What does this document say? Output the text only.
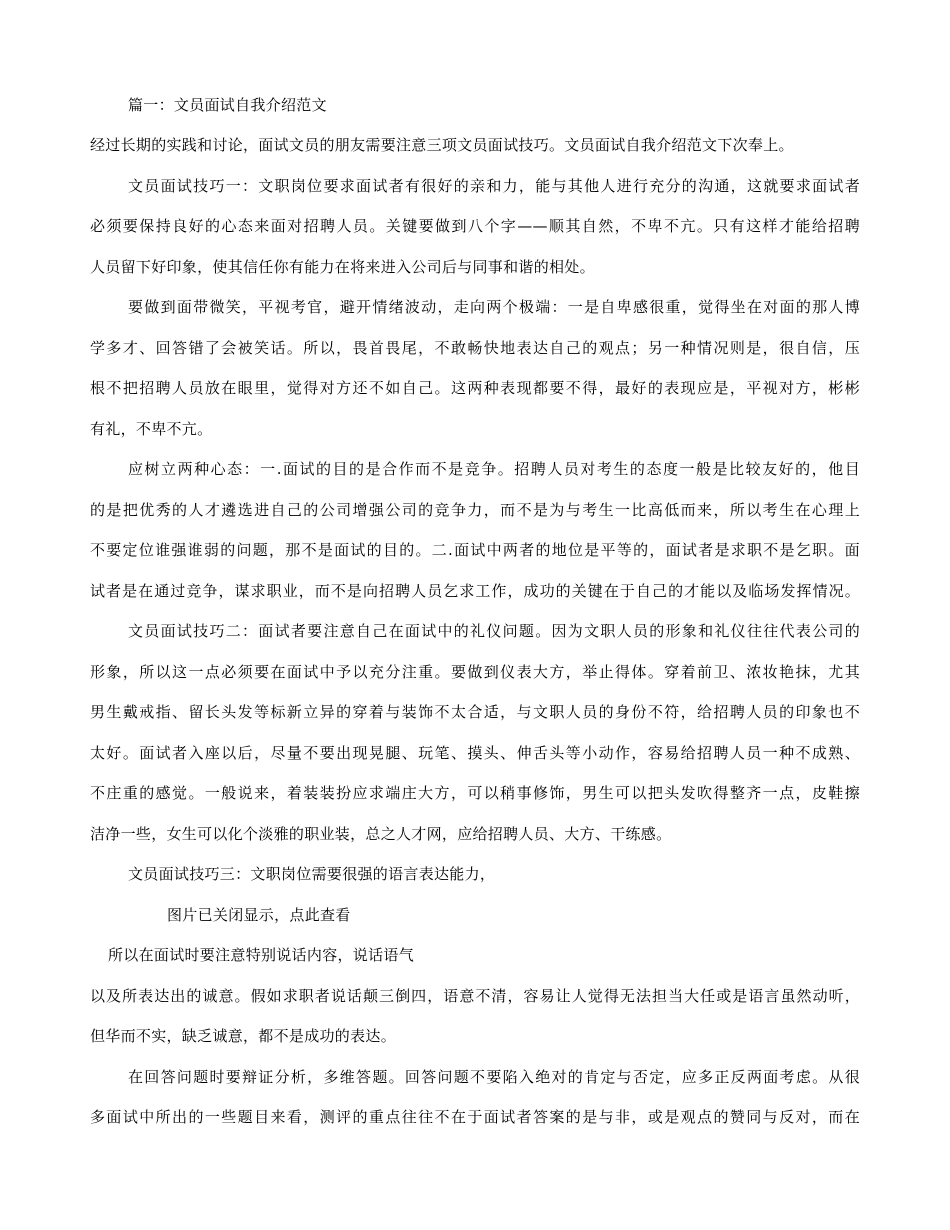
篇一：文员面试自我介绍范文

经过长期的实践和讨论，面试文员的朋友需要注意三项文员面试技巧。文员面试自我介绍范文下次奉上。

文员面试技巧一：文职岗位要求面试者有很好的亲和力，能与其他人进行充分的沟通，这就要求面试者

必须要保持良好的心态来面对招聘人员。关键要做到八个字——顺其自然，不卑不亢。只有这样才能给招聘

人员留下好印象，使其信任你有能力在将来进入公司后与同事和谐的相处。

要做到面带微笑，平视考官，避开情绪波动，走向两个极端：一是自卑感很重，觉得坐在对面的那人博

学多才、回答错了会被笑话。所以，畏首畏尾，不敢畅快地表达自己的观点；另一种情况则是，很自信，压

根不把招聘人员放在眼里，觉得对方还不如自己。这两种表现都要不得，最好的表现应是，平视对方，彬彬

有礼，不卑不亢。

应树立两种心态：一.面试的目的是合作而不是竞争。招聘人员对考生的态度一般是比较友好的，他目

的是把优秀的人才遴选进自己的公司增强公司的竞争力，而不是为与考生一比高低而来，所以考生在心理上

不要定位谁强谁弱的问题，那不是面试的目的。二.面试中两者的地位是平等的，面试者是求职不是乞职。面

试者是在通过竞争，谋求职业，而不是向招聘人员乞求工作，成功的关键在于自己的才能以及临场发挥情况。

文员面试技巧二：面试者要注意自己在面试中的礼仪问题。因为文职人员的形象和礼仪往往代表公司的

形象，所以这一点必须要在面试中予以充分注重。要做到仪表大方，举止得体。穿着前卫、浓妆艳抹，尤其

男生戴戒指、留长头发等标新立异的穿着与装饰不太合适，与文职人员的身份不符，给招聘人员的印象也不

太好。面试者入座以后，尽量不要出现晃腿、玩笔、摸头、伸舌头等小动作，容易给招聘人员一种不成熟、

不庄重的感觉。一般说来，着装装扮应求端庄大方，可以稍事修饰，男生可以把头发吹得整齐一点，皮鞋擦

洁净一些，女生可以化个淡雅的职业装，总之人才网，应给招聘人员、大方、干练感。

文员面试技巧三：文职岗位需要很强的语言表达能力，

图片已关闭显示，点此查看

所以在面试时要注意特别说话内容，说话语气

以及所表达出的诚意。假如求职者说话颠三倒四，语意不清，容易让人觉得无法担当大任或是语言虽然动听，

但华而不实，缺乏诚意，都不是成功的表达。

在回答问题时要辩证分析，多维答题。回答问题不要陷入绝对的肯定与否定，应多正反两面考虑。从很

多面试中所出的一些题目来看，测评的重点往往不在于面试者答案的是与非，或是观点的赞同与反对，而在
